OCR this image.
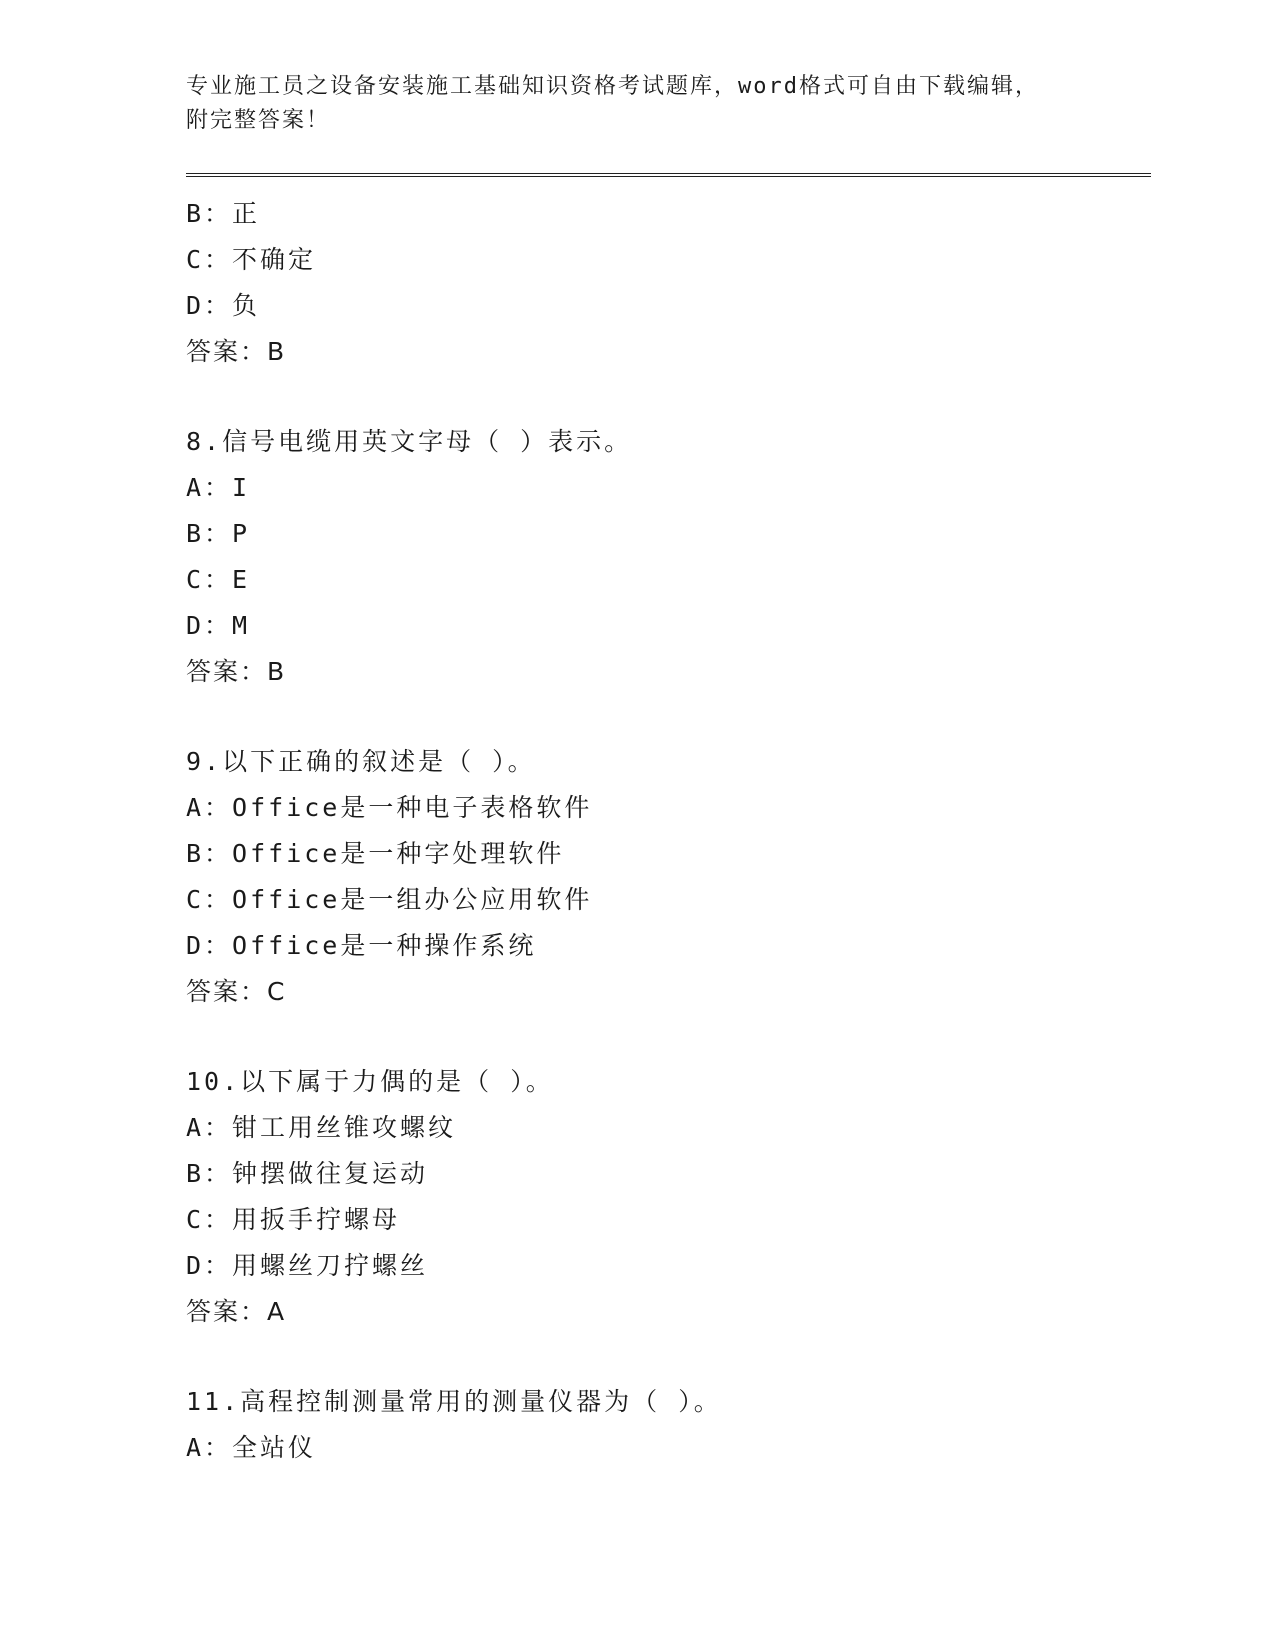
专业施工员之设备安装施工基础知识资格考试题库，word格式可自由下载编辑，
附完整答案！
B：正
C：不确定
D：负
答案：B
8.信号电缆用英文字母（ ）表示。
A：I
B：P
C：E
D：M
答案：B
9.以下正确的叙述是（ ）。
A：Office是一种电子表格软件
B：Office是一种字处理软件
C：Office是一组办公应用软件
D：Office是一种操作系统
答案：C
10.以下属于力偶的是（ ）。
A：钳工用丝锥攻螺纹
B：钟摆做往复运动
C：用扳手拧螺母
D：用螺丝刀拧螺丝
答案：A
11.高程控制测量常用的测量仪器为（ ）。
A：全站仪
